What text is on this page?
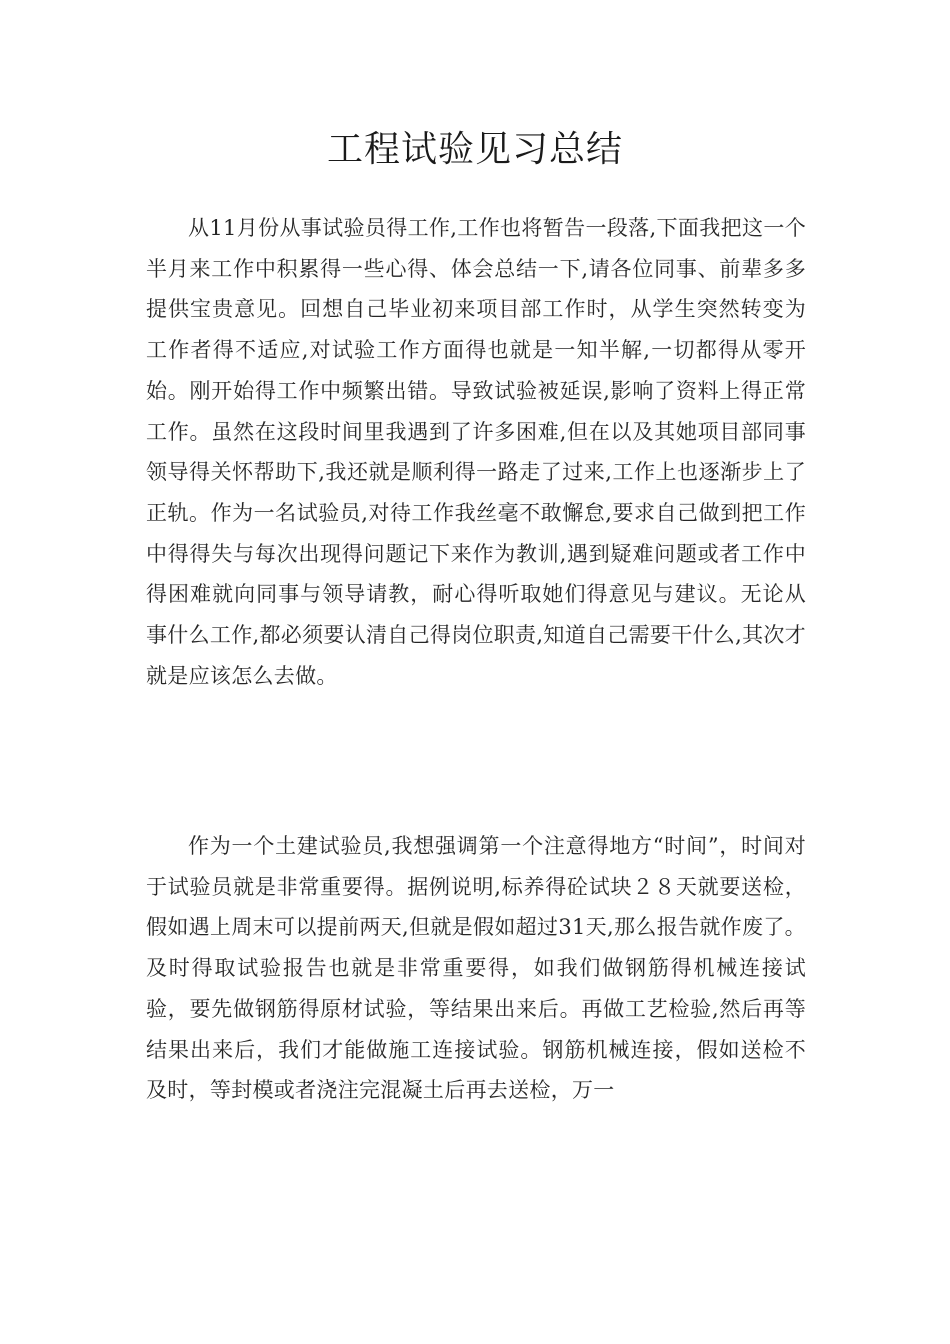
工程试验见习总结

从11月份从事试验员得工作,工作也将暂告一段落,下面我把这一个半月来工作中积累得一些心得、体会总结一下,请各位同事、前辈多多提供宝贵意见。回想自己毕业初来项目部工作时，从学生突然转变为工作者得不适应,对试验工作方面得也就是一知半解,一切都得从零开始。刚开始得工作中频繁出错。导致试验被延误,影响了资料上得正常工作。虽然在这段时间里我遇到了许多困难,但在以及其她项目部同事领导得关怀帮助下,我还就是顺利得一路走了过来,工作上也逐渐步上了正轨。作为一名试验员,对待工作我丝毫不敢懈怠,要求自己做到把工作中得得失与每次出现得问题记下来作为教训,遇到疑难问题或者工作中得困难就向同事与领导请教，耐心得听取她们得意见与建议。无论从事什么工作,都必须要认清自己得岗位职责,知道自己需要干什么,其次才就是应该怎么去做。

作为一个土建试验员,我想强调第一个注意得地方“时间”，时间对于试验员就是非常重要得。据例说明,标养得砼试块２８天就要送检，假如遇上周末可以提前两天,但就是假如超过31天,那么报告就作废了。及时得取试验报告也就是非常重要得，如我们做钢筋得机械连接试验，要先做钢筋得原材试验，等结果出来后。再做工艺检验,然后再等结果出来后，我们才能做施工连接试验。钢筋机械连接，假如送检不及时，等封模或者浇注完混凝土后再去送检，万一
